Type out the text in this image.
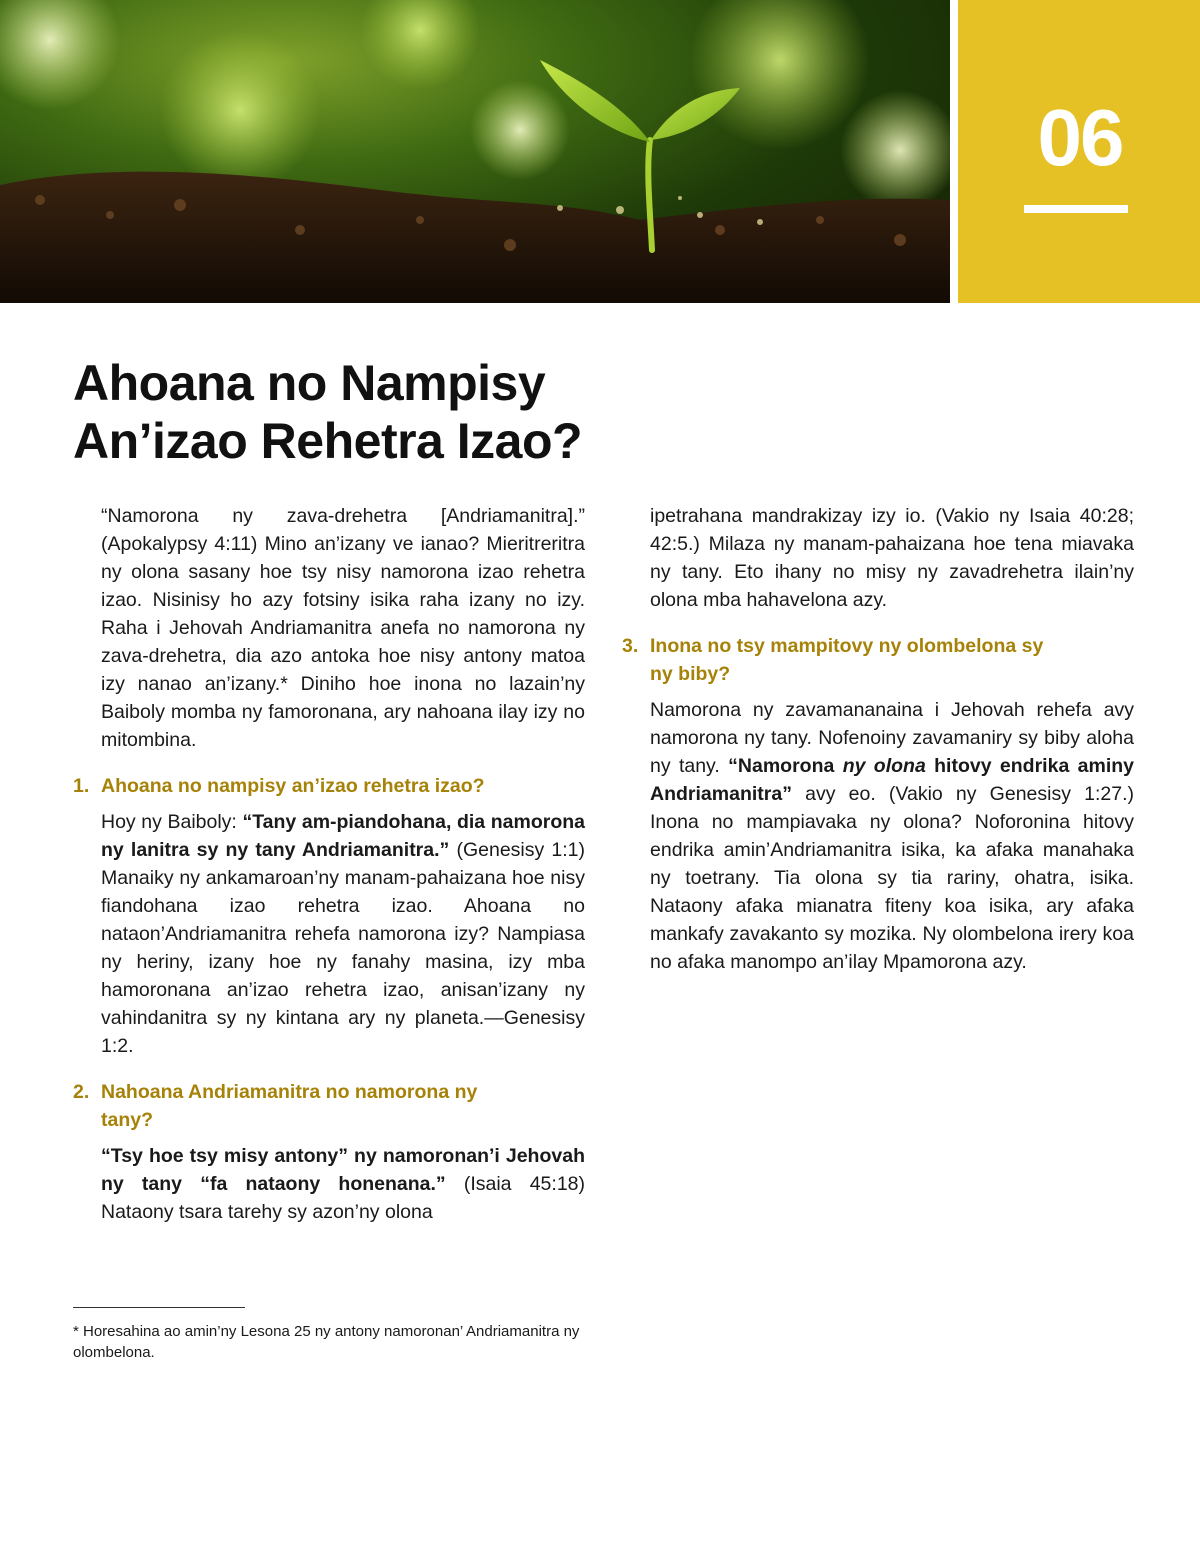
06
Ahoana no Nampisy
An’izao Rehetra Izao?

“Namorona ny zava-drehetra [Andriamanitra].” (Apokalypsy 4:11) Mino an’izany ve ianao? Mieritreritra ny olona sasany hoe tsy nisy namorona izao rehetra izao. Nisinisy ho azy fotsiny isika raha izany no izy. Raha i Jehovah Andriamanitra anefa no namorona ny zava-drehetra, dia azo antoka hoe nisy antony matoa izy nanao an’izany.* Diniho hoe inona no lazain’ny Baiboly momba ny famoronana, ary nahoana ilay izy no mitombina.

1. Ahoana no nampisy an’izao rehetra izao?

Hoy ny Baiboly: “Tany am-piandohana, dia namorona ny lanitra sy ny tany Andriamanitra.” (Genesisy 1:1) Manaiky ny ankamaroan’ny manam-pahaizana hoe nisy fiandohana izao rehetra izao. Ahoana no nataon’Andriamanitra rehefa namorona izy? Nampiasa ny heriny, izany hoe ny fanahy masina, izy mba hamoronana an’izao rehetra izao, anisan’izany ny vahindanitra sy ny kintana ary ny planeta.—Genesisy 1:2.

2. Nahoana Andriamanitra no namorona ny tany?

“Tsy hoe tsy misy antony” ny namoronan’i Jehovah ny tany “fa nataony honenana.” (Isaia 45:18) Nataony tsara tarehy sy azon’ny olona

ipetrahana mandrakizay izy io. (Vakio ny Isaia 40:28; 42:5.) Milaza ny manam-pahaizana hoe tena miavaka ny tany. Eto ihany no misy ny zavadrehetra ilain’ny olona mba hahavelona azy.

3. Inona no tsy mampitovy ny olombelona sy ny biby?

Namorona ny zavamananaina i Jehovah rehefa avy namorona ny tany. Nofenoiny zavamaniry sy biby aloha ny tany. “Namorona ny olona hitovy endrika aminy Andriamanitra” avy eo. (Vakio ny Genesisy 1:27.) Inona no mampiavaka ny olona? Noforonina hitovy endrika amin’Andriamanitra isika, ka afaka manahaka ny toetrany. Tia olona sy tia rariny, ohatra, isika. Nataony afaka mianatra fiteny koa isika, ary afaka mankafy zavakanto sy mozika. Ny olombelona irery koa no afaka manompo an’ilay Mpamorona azy.

* Horesahina ao amin’ny Lesona 25 ny antony namoronan’ Andriamanitra ny olombelona.
